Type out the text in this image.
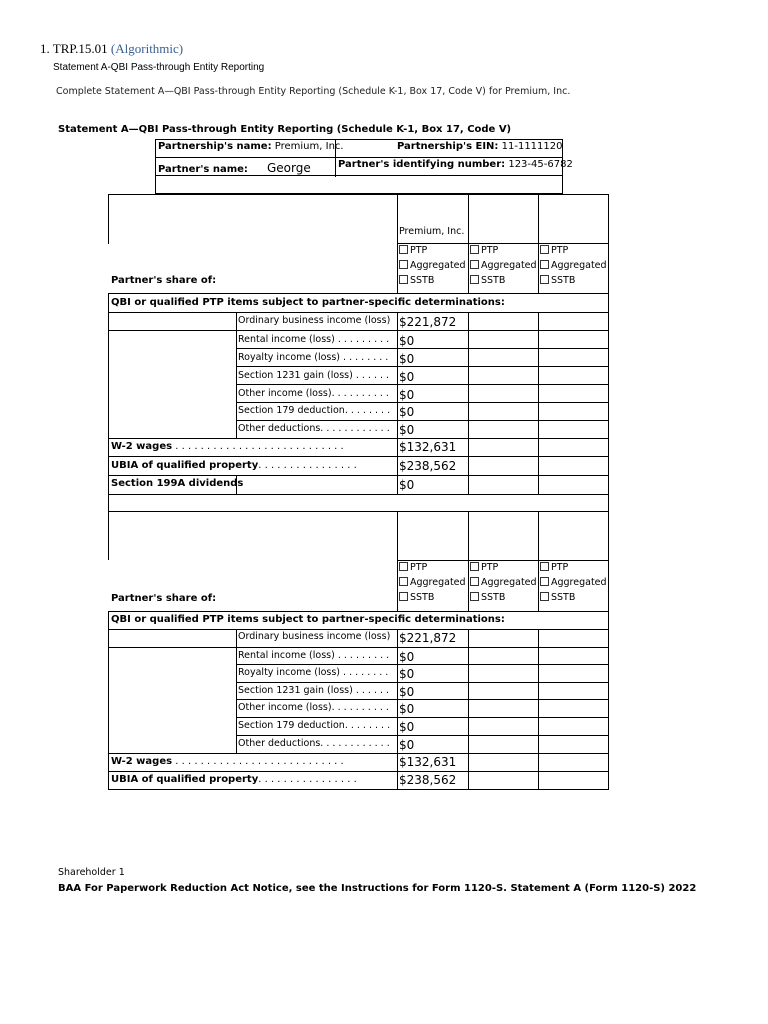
1. TRP.15.01 (Algorithmic)
Statement A-QBI Pass-through Entity Reporting
Complete Statement A—QBI Pass-through Entity Reporting (Schedule K-1, Box 17, Code V) for Premium, Inc.
Statement A—QBI Pass-through Entity Reporting (Schedule K-1, Box 17, Code V)
Partnership's name: Premium, Inc.	Partnership's EIN: 11-1111120
Partner's name: George	Partner's identifying number: 123-45-6782
Premium, Inc.
PTP
Aggregated
SSTB
PTP
Aggregated
SSTB
PTP
Aggregated
SSTB
Partner's share of:
QBI or qualified PTP items subject to partner-specific determinations:
Ordinary business income (loss) $221,872
Rental income (loss) . . . . . . . . . $0
Royalty income (loss) . . . . . . . . $0
Section 1231 gain (loss) . . . . . . $0
Other income (loss). . . . . . . . . . $0
Section 179 deduction. . . . . . . . $0
Other deductions. . . . . . . . . . . . $0
W-2 wages . . . . . . . . . . . . . . . . . . . . . . . . . . .	$132,631
UBIA of qualified property. . . . . . . . . . . . . . . .	$238,562
Section 199A dividends	$0
PTP
Aggregated
SSTB
PTP
Aggregated
SSTB
PTP
Aggregated
SSTB
Partner's share of:
QBI or qualified PTP items subject to partner-specific determinations:
Ordinary business income (loss) $221,872
Rental income (loss) . . . . . . . . . $0
Royalty income (loss) . . . . . . . . $0
Section 1231 gain (loss) . . . . . . $0
Other income (loss). . . . . . . . . . $0
Section 179 deduction. . . . . . . . $0
Other deductions. . . . . . . . . . . . $0
W-2 wages . . . . . . . . . . . . . . . . . . . . . . . . . . .	$132,631
UBIA of qualified property. . . . . . . . . . . . . . . .	$238,562
Shareholder 1
BAA For Paperwork Reduction Act Notice, see the Instructions for Form 1120-S. Statement A (Form 1120-S) 2022
